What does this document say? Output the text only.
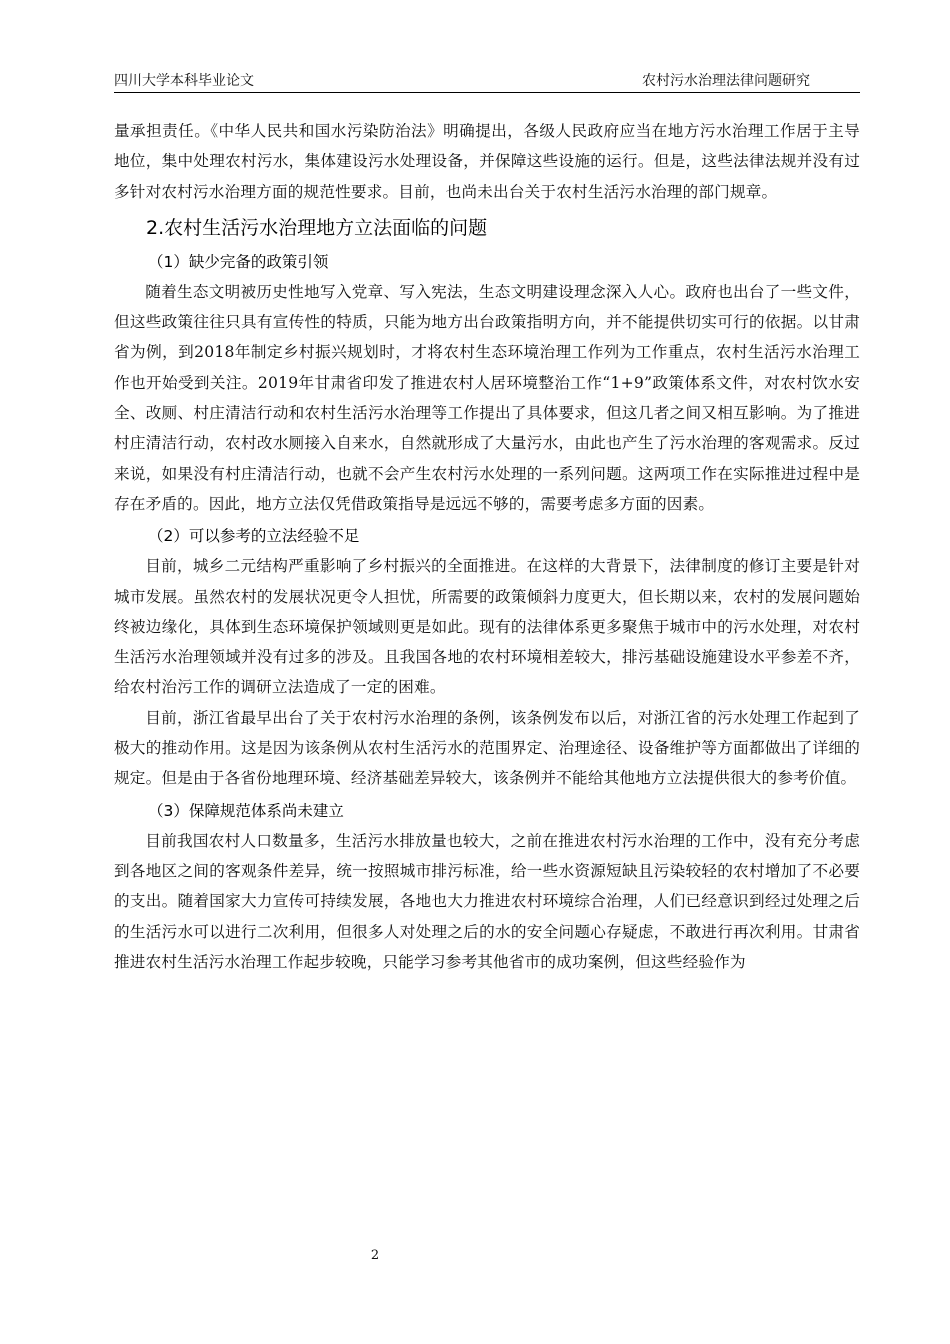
四川大学本科毕业论文	农村污水治理法律问题研究

量承担责任。《中华人民共和国水污染防治法》明确提出，各级人民政府应当在地方污水治理工作居于主导地位，集中处理农村污水，集体建设污水处理设备，并保障这些设施的运行。但是，这些法律法规并没有过多针对农村污水治理方面的规范性要求。目前，也尚未出台关于农村生活污水治理的部门规章。

2.农村生活污水治理地方立法面临的问题
（1）缺少完备的政策引领

随着生态文明被历史性地写入党章、写入宪法，生态文明建设理念深入人心。政府也出台了一些文件，但这些政策往往只具有宣传性的特质，只能为地方出台政策指明方向，并不能提供切实可行的依据。以甘肃省为例，到2018年制定乡村振兴规划时，才将农村生态环境治理工作列为工作重点，农村生活污水治理工作也开始受到关注。2019年甘肃省印发了推进农村人居环境整治工作“1+9”政策体系文件，对农村饮水安全、改厕、村庄清洁行动和农村生活污水治理等工作提出了具体要求，但这几者之间又相互影响。为了推进村庄清洁行动，农村改水厕接入自来水，自然就形成了大量污水，由此也产生了污水治理的客观需求。反过来说，如果没有村庄清洁行动，也就不会产生农村污水处理的一系列问题。这两项工作在实际推进过程中是存在矛盾的。因此，地方立法仅凭借政策指导是远远不够的，需要考虑多方面的因素。

（2）可以参考的立法经验不足

目前，城乡二元结构严重影响了乡村振兴的全面推进。在这样的大背景下，法律制度的修订主要是针对城市发展。虽然农村的发展状况更令人担忧，所需要的政策倾斜力度更大，但长期以来，农村的发展问题始终被边缘化，具体到生态环境保护领域则更是如此。现有的法律体系更多聚焦于城市中的污水处理，对农村生活污水治理领域并没有过多的涉及。且我国各地的农村环境相差较大，排污基础设施建设水平参差不齐，给农村治污工作的调研立法造成了一定的困难。

目前，浙江省最早出台了关于农村污水治理的条例，该条例发布以后，对浙江省的污水处理工作起到了极大的推动作用。这是因为该条例从农村生活污水的范围界定、治理途径、设备维护等方面都做出了详细的规定。但是由于各省份地理环境、经济基础差异较大，该条例并不能给其他地方立法提供很大的参考价值。

（3）保障规范体系尚未建立

目前我国农村人口数量多，生活污水排放量也较大，之前在推进农村污水治理的工作中，没有充分考虑到各地区之间的客观条件差异，统一按照城市排污标准，给一些水资源短缺且污染较轻的农村增加了不必要的支出。随着国家大力宣传可持续发展，各地也大力推进农村环境综合治理，人们已经意识到经过处理之后的生活污水可以进行二次利用，但很多人对处理之后的水的安全问题心存疑虑，不敢进行再次利用。甘肃省推进农村生活污水治理工作起步较晚，只能学习参考其他省市的成功案例，但这些经验作为

2
